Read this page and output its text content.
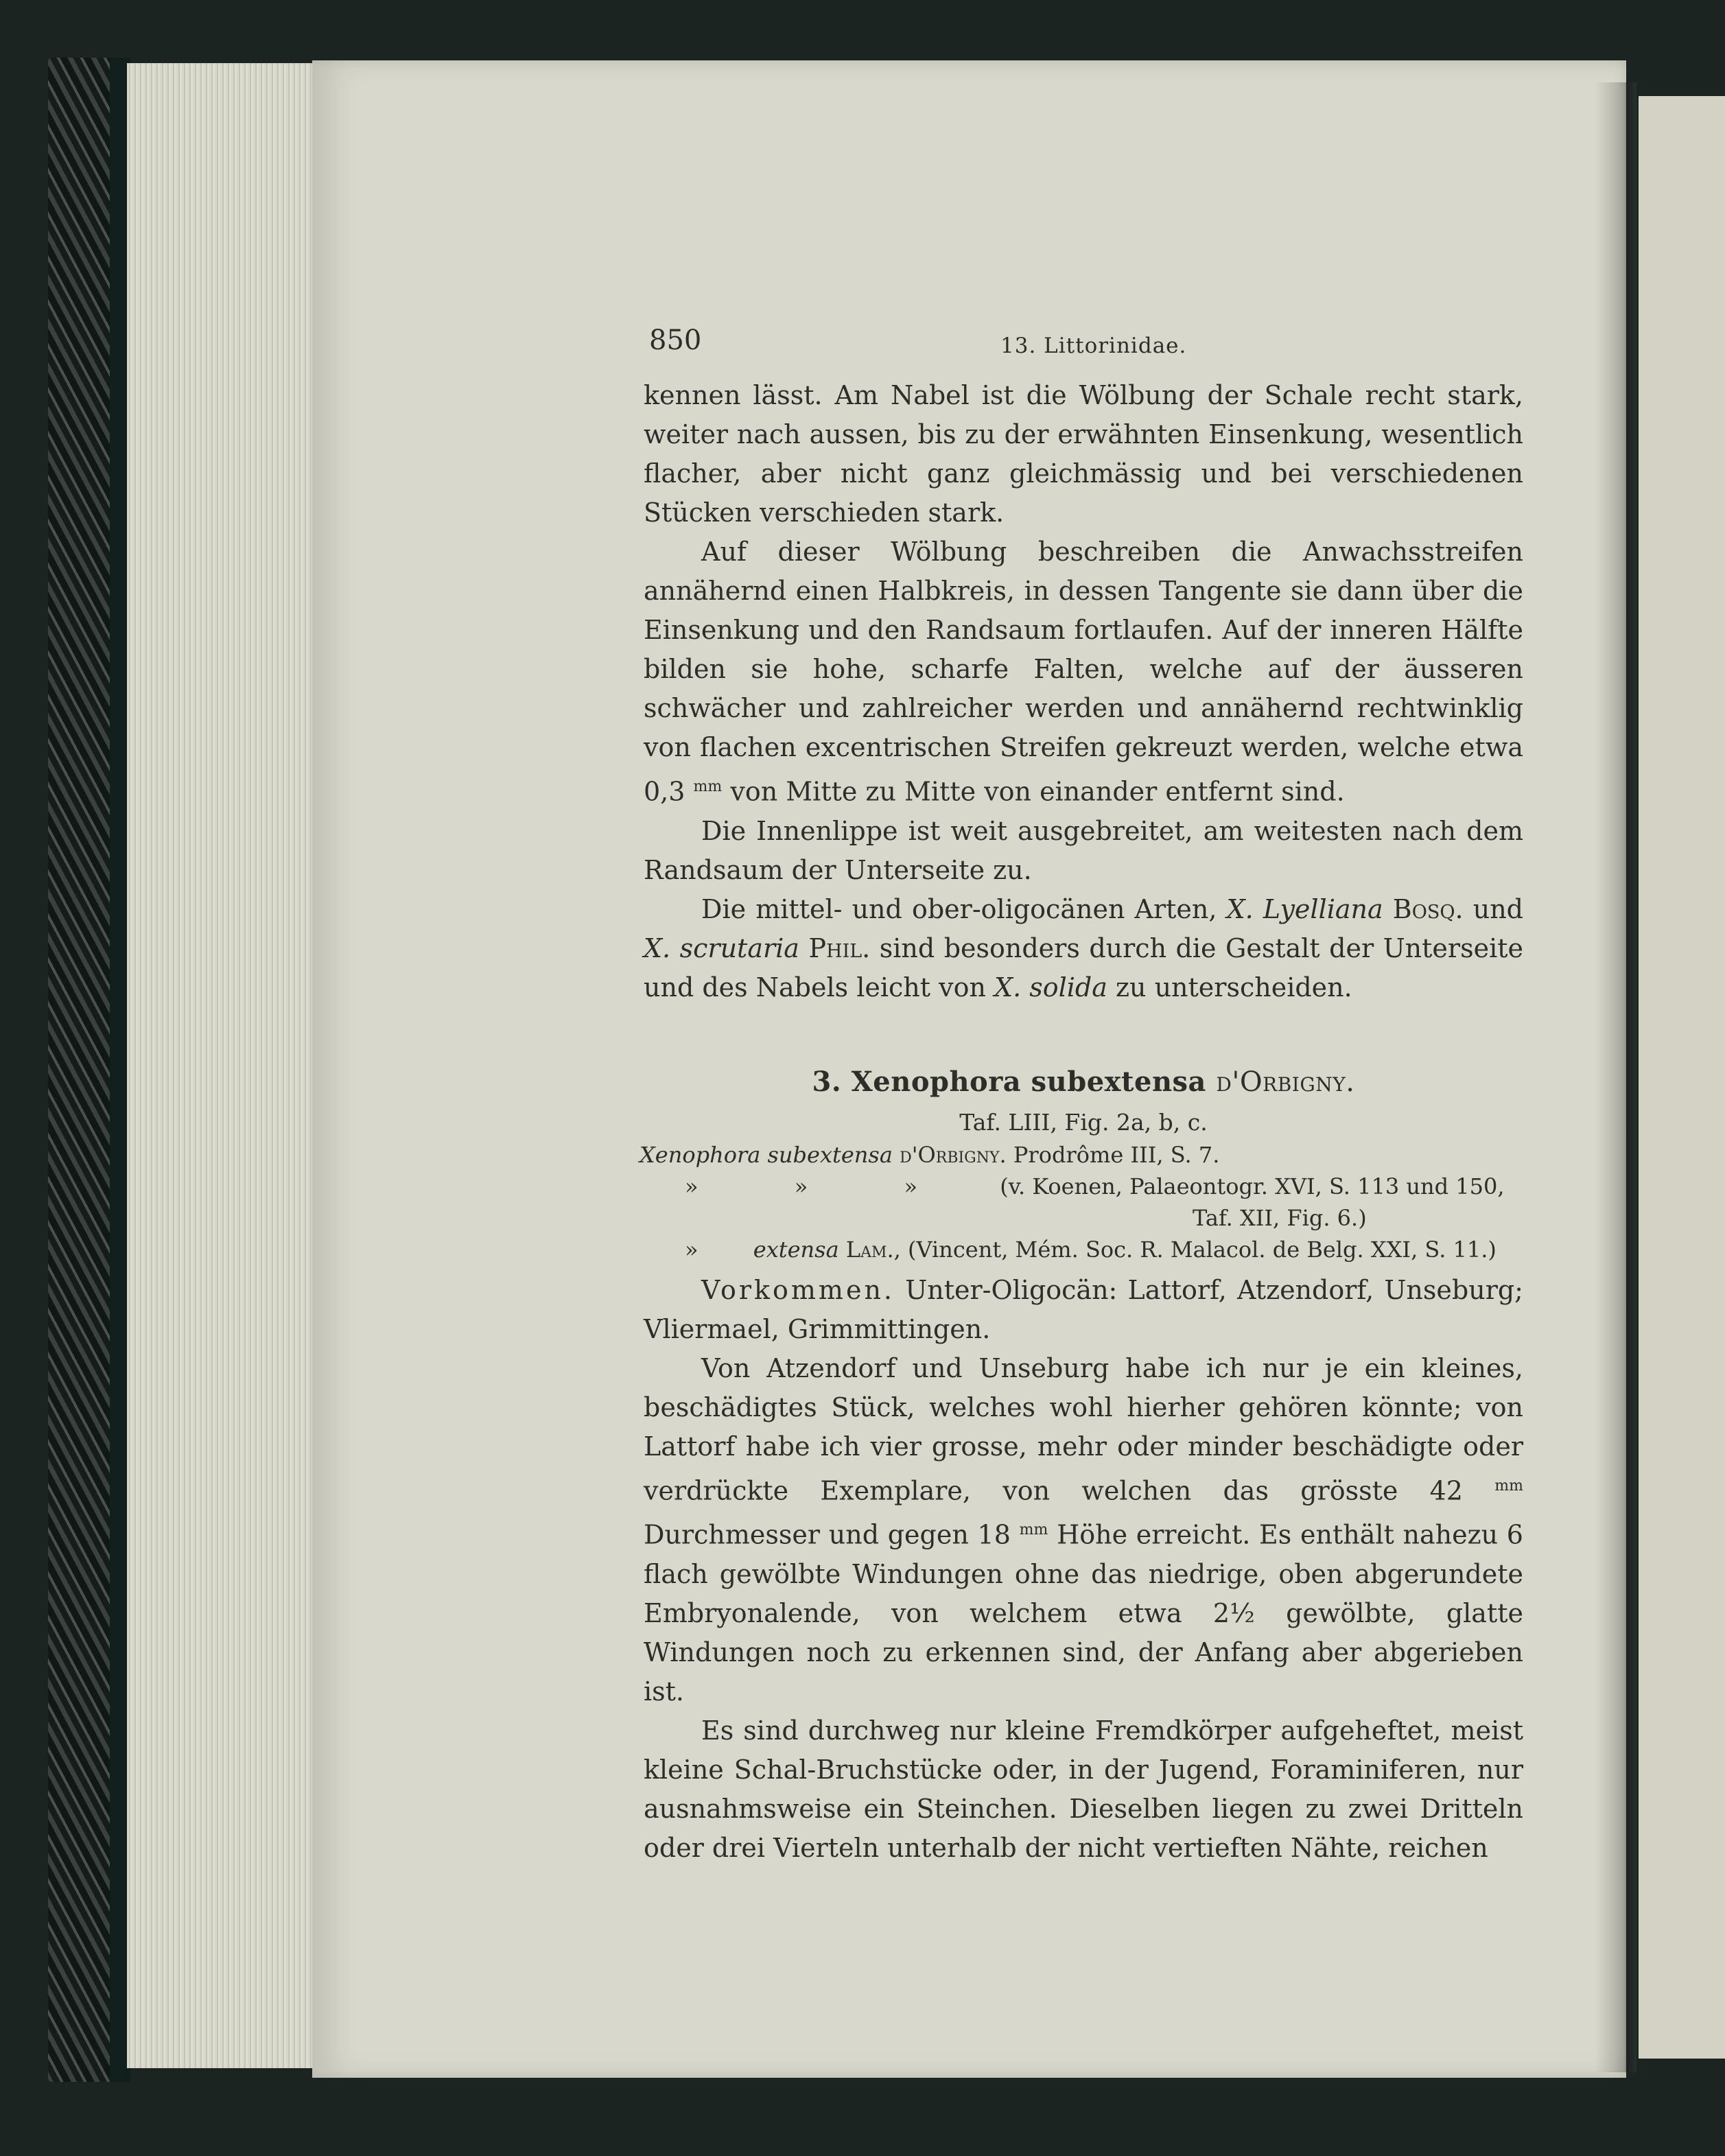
850	13. Littorinidae.

kennen lässt. Am Nabel ist die Wölbung der Schale recht stark, weiter nach aussen, bis zu der erwähnten Einsenkung, wesentlich flacher, aber nicht ganz gleichmässig und bei verschiedenen Stücken verschieden stark.

Auf dieser Wölbung beschreiben die Anwachsstreifen annähernd einen Halbkreis, in dessen Tangente sie dann über die Einsenkung und den Randsaum fortlaufen. Auf der inneren Hälfte bilden sie hohe, scharfe Falten, welche auf der äusseren schwächer und zahlreicher werden und annähernd rechtwinklig von flachen excentrischen Streifen gekreuzt werden, welche etwa 0,3 $^{mm}$ von Mitte zu Mitte von einander entfernt sind.

Die Innenlippe ist weit ausgebreitet, am weitesten nach dem Randsaum der Unterseite zu.

Die mittel- und ober-oligocänen Arten, X. Lyelliana Bosq. und X. scrutaria Phil. sind besonders durch die Gestalt der Unterseite und des Nabels leicht von X. solida zu unterscheiden.

3. Xenophora subextensa d'Orbigny.
Taf. LIII, Fig. 2a, b, c.
Xenophora subextensa d'Orbigny. Prodrôme III, S. 7.
» » »	(v. Koenen, Palaeontogr. XVI, S. 113 und 150,
Taf. XII, Fig. 6.)
»	extensa Lam., (Vincent, Mém. Soc. R. Malacol. de Belg. XXI, S. 11.)

Vorkommen. Unter-Oligocän: Lattorf, Atzendorf, Unseburg; Vliermael, Grimmittingen.

Von Atzendorf und Unseburg habe ich nur je ein kleines, beschädigtes Stück, welches wohl hierher gehören könnte; von Lattorf habe ich vier grosse, mehr oder minder beschädigte oder verdrückte Exemplare, von welchen das grösste 42 $^{mm}$ Durchmesser und gegen 18 $^{mm}$ Höhe erreicht. Es enthält nahezu 6 flach gewölbte Windungen ohne das niedrige, oben abgerundete Embryonalende, von welchem etwa 2½ gewölbte, glatte Windungen noch zu erkennen sind, der Anfang aber abgerieben ist.

Es sind durchweg nur kleine Fremdkörper aufgeheftet, meist kleine Schal-Bruchstücke oder, in der Jugend, Foraminiferen, nur ausnahmsweise ein Steinchen. Dieselben liegen zu zwei Dritteln oder drei Vierteln unterhalb der nicht vertieften Nähte, reichen
